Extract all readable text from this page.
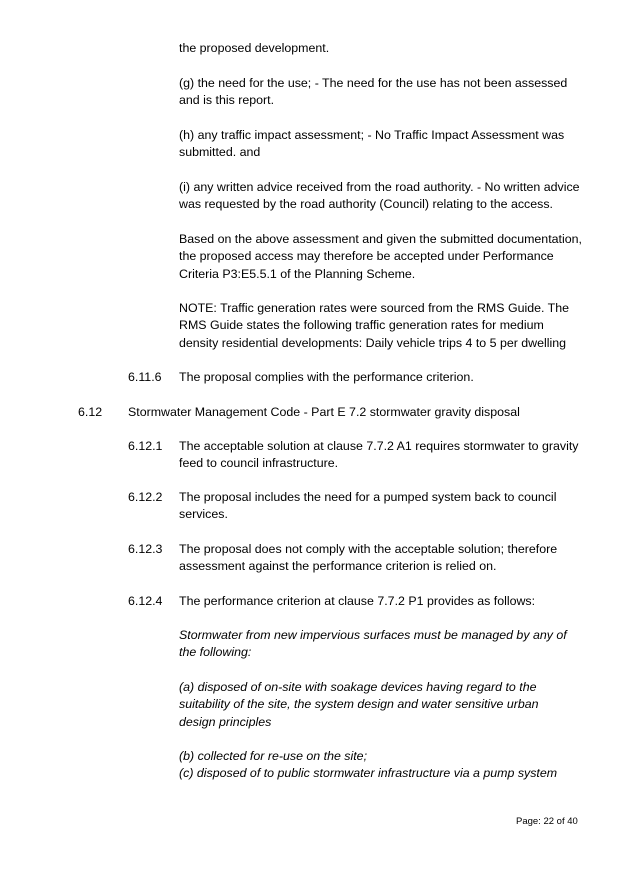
the proposed development.
(g) the need for the use; - The need for the use has not been assessed
and is this report.
(h) any traffic impact assessment; - No Traffic Impact Assessment was
submitted. and
(i) any written advice received from the road authority. - No written advice
was requested by the road authority (Council) relating to the access.
Based on the above assessment and given the submitted documentation,
the proposed access may therefore be accepted under Performance
Criteria P3:E5.5.1 of the Planning Scheme.
NOTE: Traffic generation rates were sourced from the RMS Guide. The
RMS Guide states the following traffic generation rates for medium
density residential developments: Daily vehicle trips 4 to 5 per dwelling
6.11.6 The proposal complies with the performance criterion.
6.12 Stormwater Management Code - Part E 7.2 stormwater gravity disposal
6.12.1 The acceptable solution at clause 7.7.2 A1 requires stormwater to gravity
feed to council infrastructure.
6.12.2 The proposal includes the need for a pumped system back to council
services.
6.12.3 The proposal does not comply with the acceptable solution; therefore
assessment against the performance criterion is relied on.
6.12.4 The performance criterion at clause 7.7.2 P1 provides as follows:
Stormwater from new impervious surfaces must be managed by any of
the following:
(a) disposed of on-site with soakage devices having regard to the
suitability of the site, the system design and water sensitive urban
design principles
(b) collected for re-use on the site;
(c) disposed of to public stormwater infrastructure via a pump system
Page: 22 of 40
